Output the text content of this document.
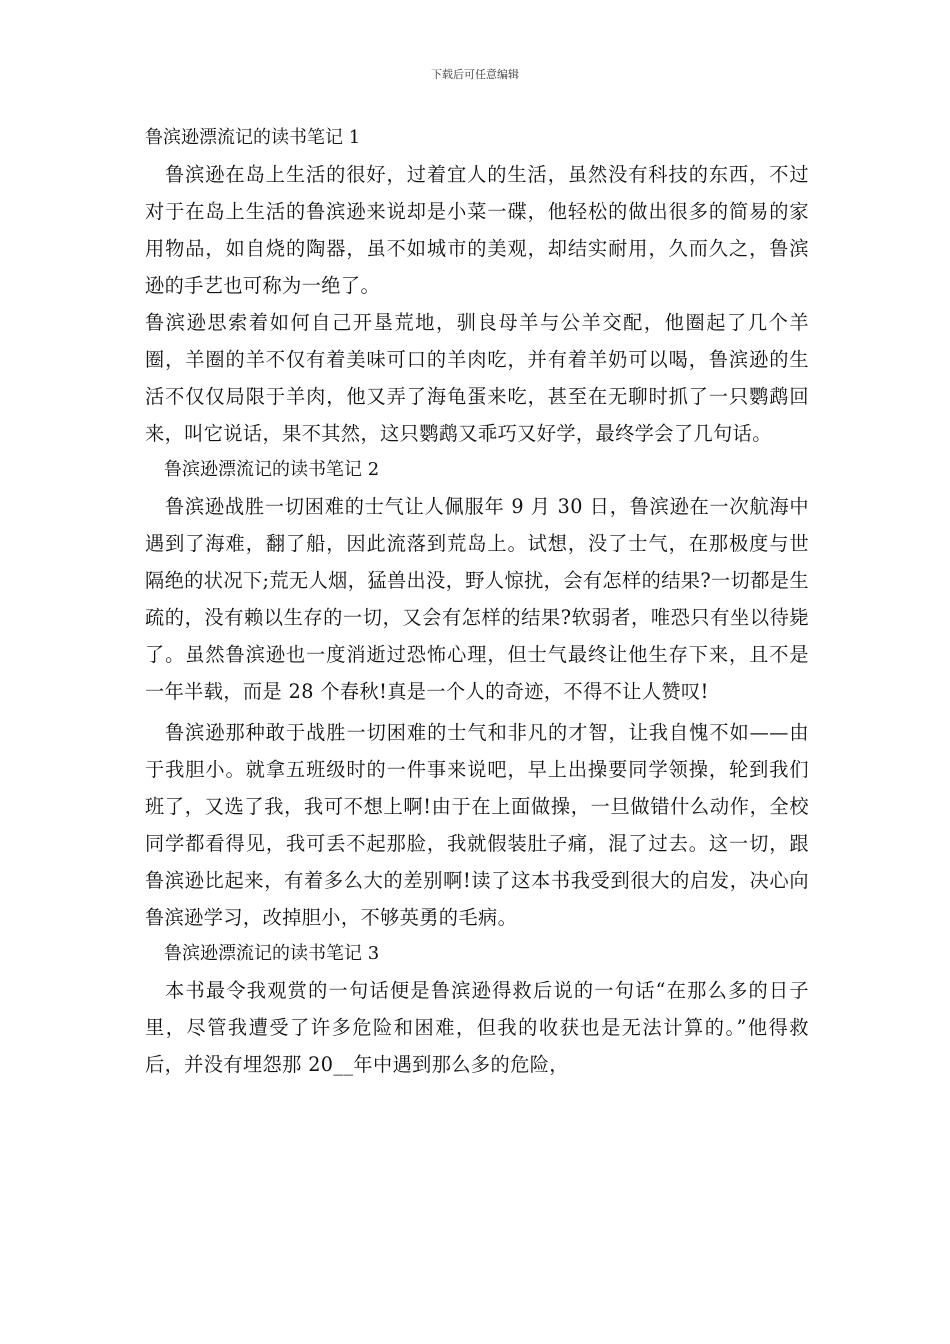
下载后可任意编辑
鲁滨逊漂流记的读书笔记 1

鲁滨逊在岛上生活的很好，过着宜人的生活，虽然没有科技的东西，不过对于在岛上生活的鲁滨逊来说却是小菜一碟，他轻松的做出很多的简易的家用物品，如自烧的陶器，虽不如城市的美观，却结实耐用，久而久之，鲁滨逊的手艺也可称为一绝了。

鲁滨逊思索着如何自己开垦荒地，驯良母羊与公羊交配，他圈起了几个羊圈，羊圈的羊不仅有着美味可口的羊肉吃，并有着羊奶可以喝，鲁滨逊的生活不仅仅局限于羊肉，他又弄了海龟蛋来吃，甚至在无聊时抓了一只鹦鹉回来，叫它说话，果不其然，这只鹦鹉又乖巧又好学，最终学会了几句话。

鲁滨逊漂流记的读书笔记 2

鲁滨逊战胜一切困难的士气让人佩服年 9 月 30 日，鲁滨逊在一次航海中遇到了海难，翻了船，因此流落到荒岛上。试想，没了士气，在那极度与世隔绝的状况下;荒无人烟，猛兽出没，野人惊扰，会有怎样的结果?一切都是生疏的，没有赖以生存的一切，又会有怎样的结果?软弱者，唯恐只有坐以待毙了。虽然鲁滨逊也一度消逝过恐怖心理，但士气最终让他生存下来，且不是一年半载，而是 28 个春秋!真是一个人的奇迹，不得不让人赞叹!

鲁滨逊那种敢于战胜一切困难的士气和非凡的才智，让我自愧不如——由于我胆小。就拿五班级时的一件事来说吧，早上出操要同学领操，轮到我们班了，又选了我，我可不想上啊!由于在上面做操，一旦做错什么动作，全校同学都看得见，我可丢不起那脸，我就假装肚子痛，混了过去。这一切，跟鲁滨逊比起来，有着多么大的差别啊!读了这本书我受到很大的启发，决心向鲁滨逊学习，改掉胆小，不够英勇的毛病。

鲁滨逊漂流记的读书笔记 3

本书最令我观赏的一句话便是鲁滨逊得救后说的一句话“在那么多的日子里，尽管我遭受了许多危险和困难，但我的收获也是无法计算的。”他得救后，并没有埋怨那 20__年中遇到那么多的危险，
